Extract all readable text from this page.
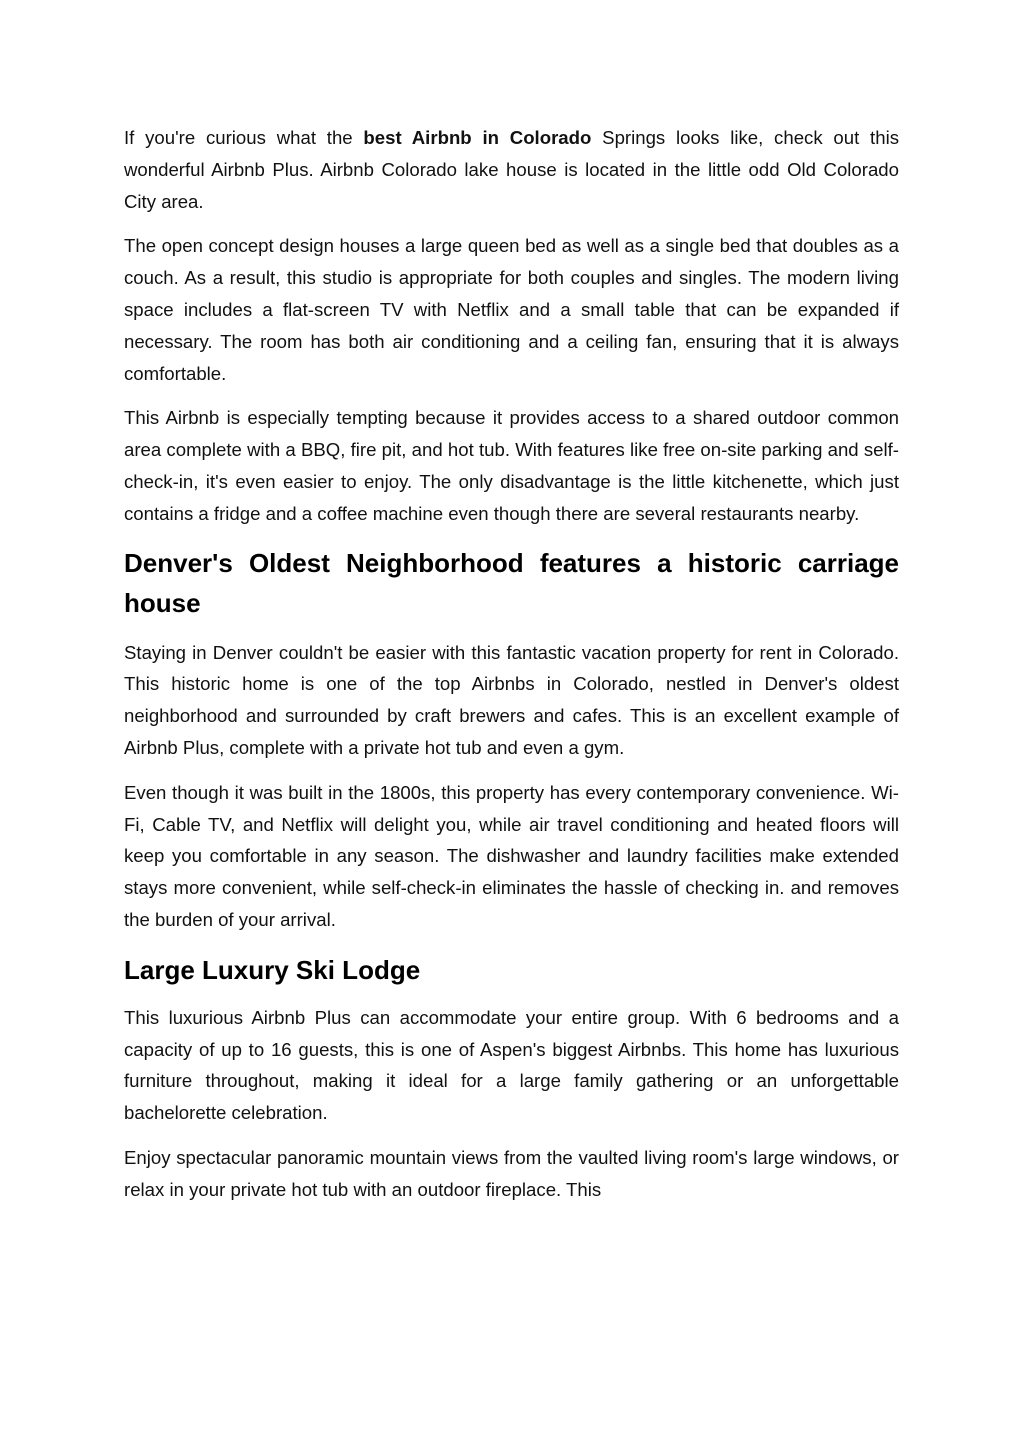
If you're curious what the best Airbnb in Colorado Springs looks like, check out this wonderful Airbnb Plus. Airbnb Colorado lake house is located in the little odd Old Colorado City area.

The open concept design houses a large queen bed as well as a single bed that doubles as a couch. As a result, this studio is appropriate for both couples and singles. The modern living space includes a flat-screen TV with Netflix and a small table that can be expanded if necessary. The room has both air conditioning and a ceiling fan, ensuring that it is always comfortable.

This Airbnb is especially tempting because it provides access to a shared outdoor common area complete with a BBQ, fire pit, and hot tub. With features like free on-site parking and self-check-in, it's even easier to enjoy. The only disadvantage is the little kitchenette, which just contains a fridge and a coffee machine even though there are several restaurants nearby.

Denver's Oldest Neighborhood features a historic carriage house

Staying in Denver couldn't be easier with this fantastic vacation property for rent in Colorado. This historic home is one of the top Airbnbs in Colorado, nestled in Denver's oldest neighborhood and surrounded by craft brewers and cafes. This is an excellent example of Airbnb Plus, complete with a private hot tub and even a gym.

Even though it was built in the 1800s, this property has every contemporary convenience. Wi-Fi, Cable TV, and Netflix will delight you, while air travel conditioning and heated floors will keep you comfortable in any season. The dishwasher and laundry facilities make extended stays more convenient, while self-check-in eliminates the hassle of checking in. and removes the burden of your arrival.

Large Luxury Ski Lodge

This luxurious Airbnb Plus can accommodate your entire group. With 6 bedrooms and a capacity of up to 16 guests, this is one of Aspen's biggest Airbnbs. This home has luxurious furniture throughout, making it ideal for a large family gathering or an unforgettable bachelorette celebration.

Enjoy spectacular panoramic mountain views from the vaulted living room's large windows, or relax in your private hot tub with an outdoor fireplace. This
